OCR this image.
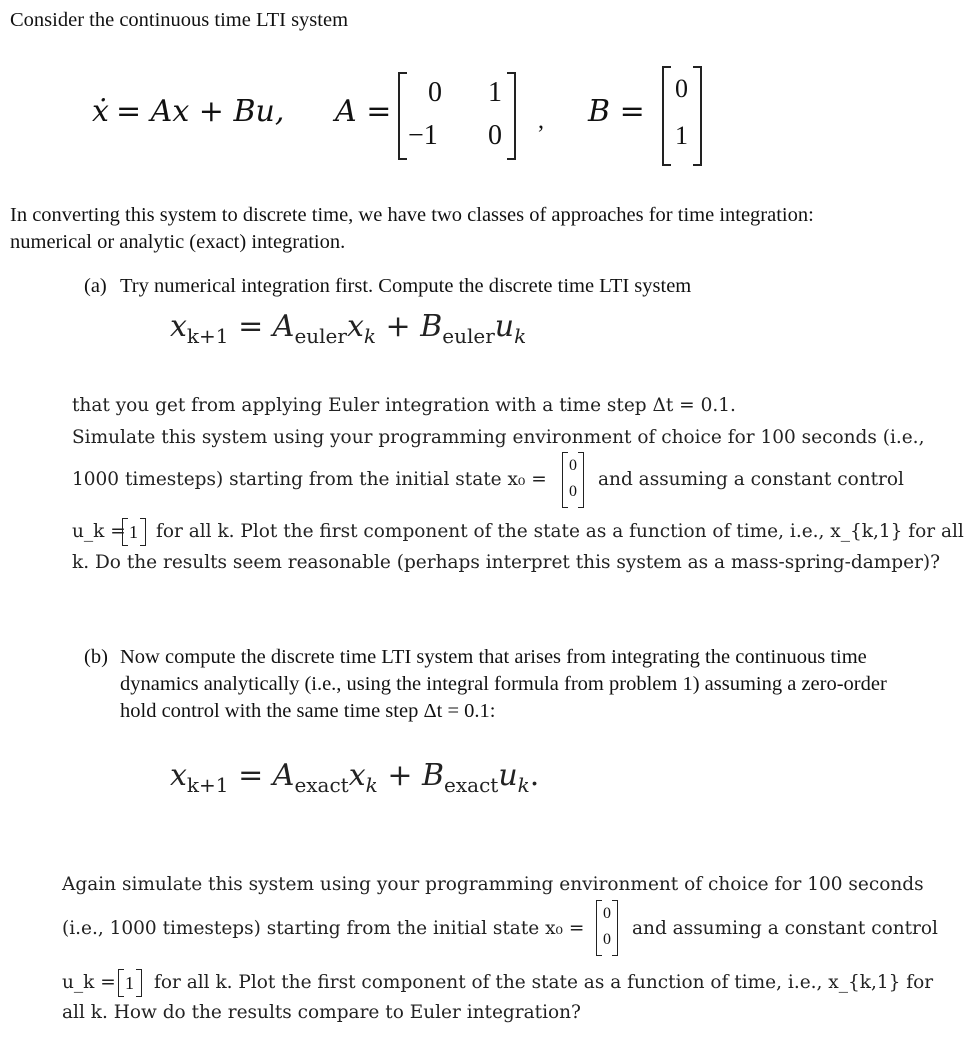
Consider the continuous time LTI system
ẋ = Ax + Bu, A =
0 1
−1 0 , B =
0
1
In converting this system to discrete time, we have two classes of approaches for time integration:
numerical or analytic (exact) integration.
(a) Try numerical integration first. Compute the discrete time LTI system
$x_{k+1} = A_{euler}x_k + B_{euler}u_k$
that you get from applying Euler integration with a time step Δt = 0.1.
Simulate this system using your programming environment of choice for 100 seconds (i.e.,
1000 timesteps) starting from the initial state x₀ =
0
0
and assuming a constant control
u_k = 1 for all k. Plot the first component of the state as a function of time, i.e., x_{k,1} for all
k. Do the results seem reasonable (perhaps interpret this system as a mass-spring-damper)?
(b) Now compute the discrete time LTI system that arises from integrating the continuous time
dynamics analytically (i.e., using the integral formula from problem 1) assuming a zero-order
hold control with the same time step Δt = 0.1:
$x_{k+1} = A_{exact}x_k + B_{exact}u_k$.
Again simulate this system using your programming environment of choice for 100 seconds
(i.e., 1000 timesteps) starting from the initial state x₀ =
0
0
and assuming a constant control
u_k = 1 for all k. Plot the first component of the state as a function of time, i.e., x_{k,1} for
all k. How do the results compare to Euler integration?
